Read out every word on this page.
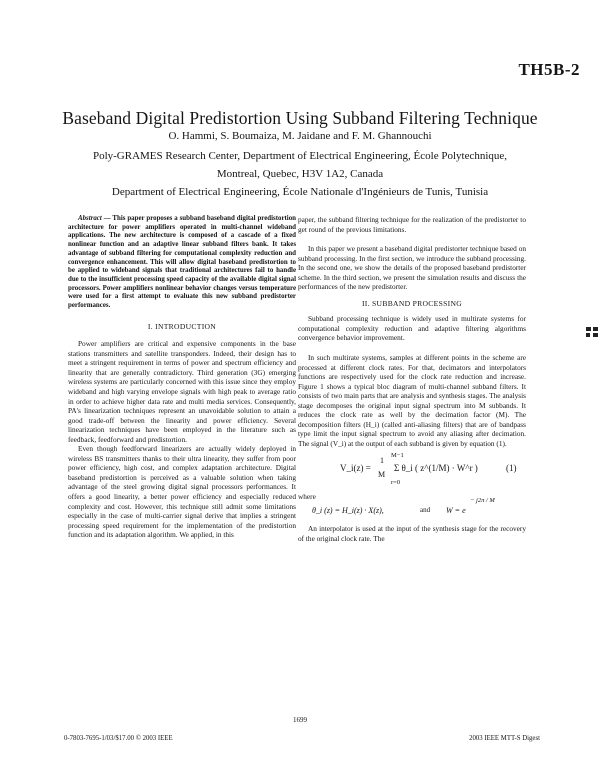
TH5B-2
Baseband Digital Predistortion Using Subband Filtering Technique
O. Hammi, S. Boumaiza, M. Jaidane and F. M. Ghannouchi
Poly-GRAMES Research Center, Department of Electrical Engineering, École Polytechnique,
Montreal, Quebec, H3V 1A2, Canada
Department of Electrical Engineering, École Nationale d'Ingénieurs de Tunis, Tunisia
Abstract — This paper proposes a subband baseband digital predistortion architecture for power amplifiers operated in multi-channel wideband applications. The new architecture is composed of a cascade of a fixed nonlinear function and an adaptive linear subband filters bank. It takes advantage of subband filtering for computational complexity reduction and convergence enhancement. This will allow digital baseband predistortion to be applied to wideband signals that traditional architectures fail to handle due to the insufficient processing speed capacity of the available digital signal processors. Power amplifiers nonlinear behavior changes versus temperature were used for a first attempt to evaluate this new subband predistorter performances.
I. INTRODUCTION

Power amplifiers are critical and expensive components in the base stations transmitters and satellite transponders. Indeed, their design has to meet a stringent requirement in terms of power and spectrum efficiency and linearity that are generally contradictory. Third generation (3G) emerging wireless systems are particularly concerned with this issue since they employ wideband and high varying envelope signals with high peak to average ratio in order to achieve higher data rate and multi media services. Consequently, PA's linearization techniques represent an unavoidable solution to attain a good trade-off between the linearity and power efficiency. Several linearization techniques have been employed in the literature such as feedback, feedforward and predistortion.

Even though feedforward linearizers are actually widely deployed in wireless BS transmitters thanks to their ultra linearity, they suffer from poor power efficiency, high cost, and complex adaptation architecture. Digital baseband predistortion is perceived as a valuable solution when taking advantage of the steel growing digital signal processors performances. It offers a good linearity, a better power efficiency and especially reduced complexity and cost. However, this technique still admit some limitations especially in the case of multi-carrier signal derive that implies a stringent processing speed requirement for the implementation of the predistortion function and its adaptation algorithm. We applied, in this

paper, the subband filtering technique for the realization of the predistorter to get round of the previous limitations.

In this paper we present a baseband digital predistorter technique based on subband processing. In the first section, we introduce the subband processing. In the second one, we show the details of the proposed baseband predistorter scheme. In the third section, we present the simulation results and discuss the performances of the new predistorter.

II. SUBBAND PROCESSING

Subband processing technique is widely used in multirate systems for computational complexity reduction and adaptive filtering algorithms convergence behavior improvement.

In such multirate systems, samples at different points in the scheme are processed at different clock rates. For that, decimators and interpolators functions are respectively used for the clock rate reduction and increase. Figure 1 shows a typical bloc diagram of multi-channel subband filters. It consists of two main parts that are analysis and synthesis stages. The analysis stage decomposes the original input signal spectrum into M subbands. It reduces the clock rate as well by the decimation factor (M). The decomposition filters (H_i) (called anti-aliasing filters) that are of bandpass type limit the input signal spectrum to avoid any aliasing after decimation. The signal (V_i) at the output of each subband is given by equation (1).

V_i(z) =
1
M
M−1
r=0
Σ θ_i ( z^(1/M) · W^r )	(1)
where
θ_i (z) = H_i(z) · X(z),	and W = e
− j2π / M

An interpolator is used at the input of the synthesis stage for the recovery of the original clock rate. The

1699
0-7803-7695-1/03/$17.00 © 2003 IEEE	2003 IEEE MTT-S Digest
